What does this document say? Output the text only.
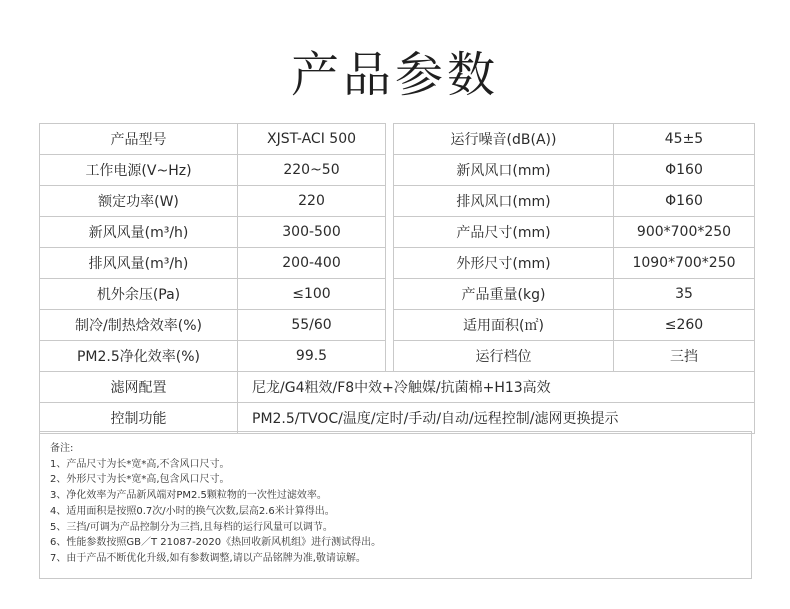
产品参数
产品型号	XJST-ACI 500		运行噪音(dB(A))	45±5
工作电源(V~Hz)	220~50		新风风口(mm)	Φ160
额定功率(W)	220		排风风口(mm)	Φ160
新风风量(m³/h)	300-500		产品尺寸(mm)	900*700*250
排风风量(m³/h)	200-400		外形尺寸(mm)	1090*700*250
机外余压(Pa)	≤100		产品重量(kg)	35
制冷/制热焓效率(%)	55/60		适用面积(㎡)	≤260
PM2.5净化效率(%)	99.5		运行档位	三挡
滤网配置	尼龙/G4粗效/F8中效+冷触媒/抗菌棉+H13高效			
控制功能	PM2.5/TVOC/温度/定时/手动/自动/远程控制/滤网更换提示			
备注:
1、产品尺寸为长*宽*高,不含风口尺寸。
2、外形尺寸为长*宽*高,包含风口尺寸。
3、净化效率为产品新风端对PM2.5颗粒物的一次性过滤效率。
4、适用面积是按照0.7次/小时的换气次数,层高2.6米计算得出。
5、三挡/可调为产品控制分为三挡,且每档的运行风量可以调节。
6、性能参数按照GB／T 21087-2020《热回收新风机组》进行测试得出。
7、由于产品不断优化升级,如有参数调整,请以产品铭牌为准,敬请谅解。
